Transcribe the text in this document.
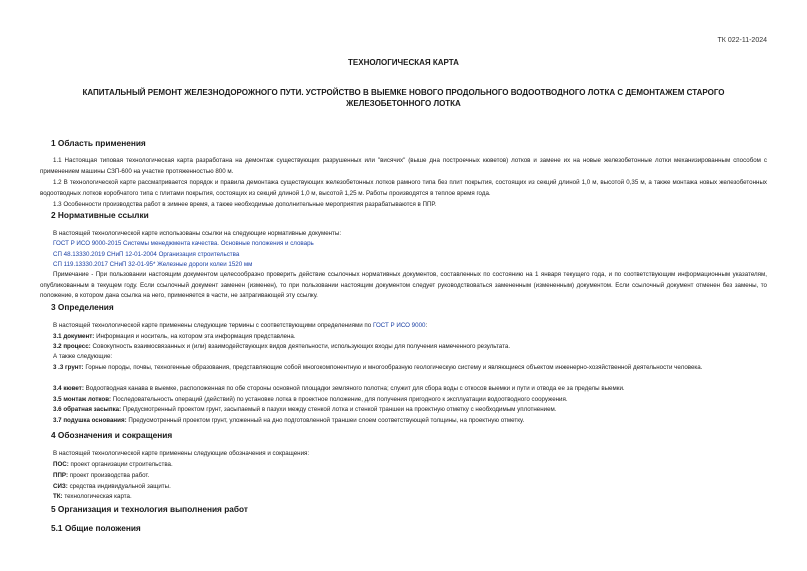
ТК 022-11-2024
ТЕХНОЛОГИЧЕСКАЯ КАРТА
КАПИТАЛЬНЫЙ РЕМОНТ ЖЕЛЕЗНОДОРОЖНОГО ПУТИ. УСТРОЙСТВО В ВЫЕМКЕ НОВОГО ПРОДОЛЬНОГО ВОДООТВОДНОГО ЛОТКА С ДЕМОНТАЖЕМ СТАРОГО ЖЕЛЕЗОБЕТОННОГО ЛОТКА
1 Область применения
1.1 Настоящая типовая технологическая карта разработана на демонтаж существующих разрушенных или "висячих" (выше дна построечных кюветов) лотков и замене их на новые железобетонные лотки механизированным способом с применением машины СЗП-600 на участке протяженностью 800 м.
1.2 В технологической карте рассматривается порядок и правила демонтажа существующих железобетонных лотков рамного типа без плит покрытия, состоящих из секций длиной 1,0 м, высотой 0,35 м, а также монтажа новых железобетонных водоотводных лотков коробчатого типа с плитами покрытия, состоящих из секций длиной 1,0 м, высотой 1,25 м. Работы производятся в теплое время года.
1.3 Особенности производства работ в зимнее время, а также необходимые дополнительные мероприятия разрабатываются в ППР.
2 Нормативные ссылки
В настоящей технологической карте использованы ссылки на следующие нормативные документы:
ГОСТ Р ИСО 9000-2015 Системы менеджмента качества. Основные положения и словарь
СП 48.13330.2019 СНиП 12-01-2004 Организация строительства
СП 119.13330.2017 СНиП 32-01-95* Железные дороги колеи 1520 мм
Примечание - При пользовании настоящим документом целесообразно проверить действие ссылочных нормативных документов, составленных по состоянию на 1 января текущего года, и по соответствующим информационным указателям, опубликованным в текущем году. Если ссылочный документ заменен (изменен), то при пользовании настоящим документом следует руководствоваться замененным (измененным) документом. Если ссылочный документ отменен без замены, то положение, в котором дана ссылка на него, применяется в части, не затрагивающей эту ссылку.
3 Определения
В настоящей технологической карте применены следующие термины с соответствующими определениями по ГОСТ Р ИСО 9000:
3.1 документ: Информация и носитель, на котором эта информация представлена.
3.2 процесс: Совокупность взаимосвязанных и (или) взаимодействующих видов деятельности, использующих входы для получения намеченного результата.
А также следующие:
3 .3 грунт: Горные породы, почвы, техногенные образования, представляющие собой многокомпонентную и многообразную геологическую систему и являющиеся объектом инженерно-хозяйственной деятельности человека.
3.4 кювет: Водоотводная канава в выемке, расположенная по обе стороны основной площадки земляного полотна; служит для сбора воды с откосов выемки и пути и отвода ее за пределы выемки.
3.5 монтаж лотков: Последовательность операций (действий) по установке лотка в проектное положение, для получения пригодного к эксплуатации водоотводного сооружения.
3.6 обратная засыпка: Предусмотренный проектом грунт, засыпаемый в пазухи между стенкой лотка и стенкой траншеи на проектную отметку с необходимым уплотнением.
3.7 подушка основания: Предусмотренный проектом грунт, уложенный на дно подготовленной траншеи слоем соответствующей толщины, на проектную отметку.
4 Обозначения и сокращения
В настоящей технологической карте применены следующие обозначения и сокращения:
ПОС: проект организации строительства.
ППР: проект производства работ.
СИЗ: средства индивидуальной защиты.
ТК: технологическая карта.
5 Организация и технология выполнения работ
5.1 Общие положения
